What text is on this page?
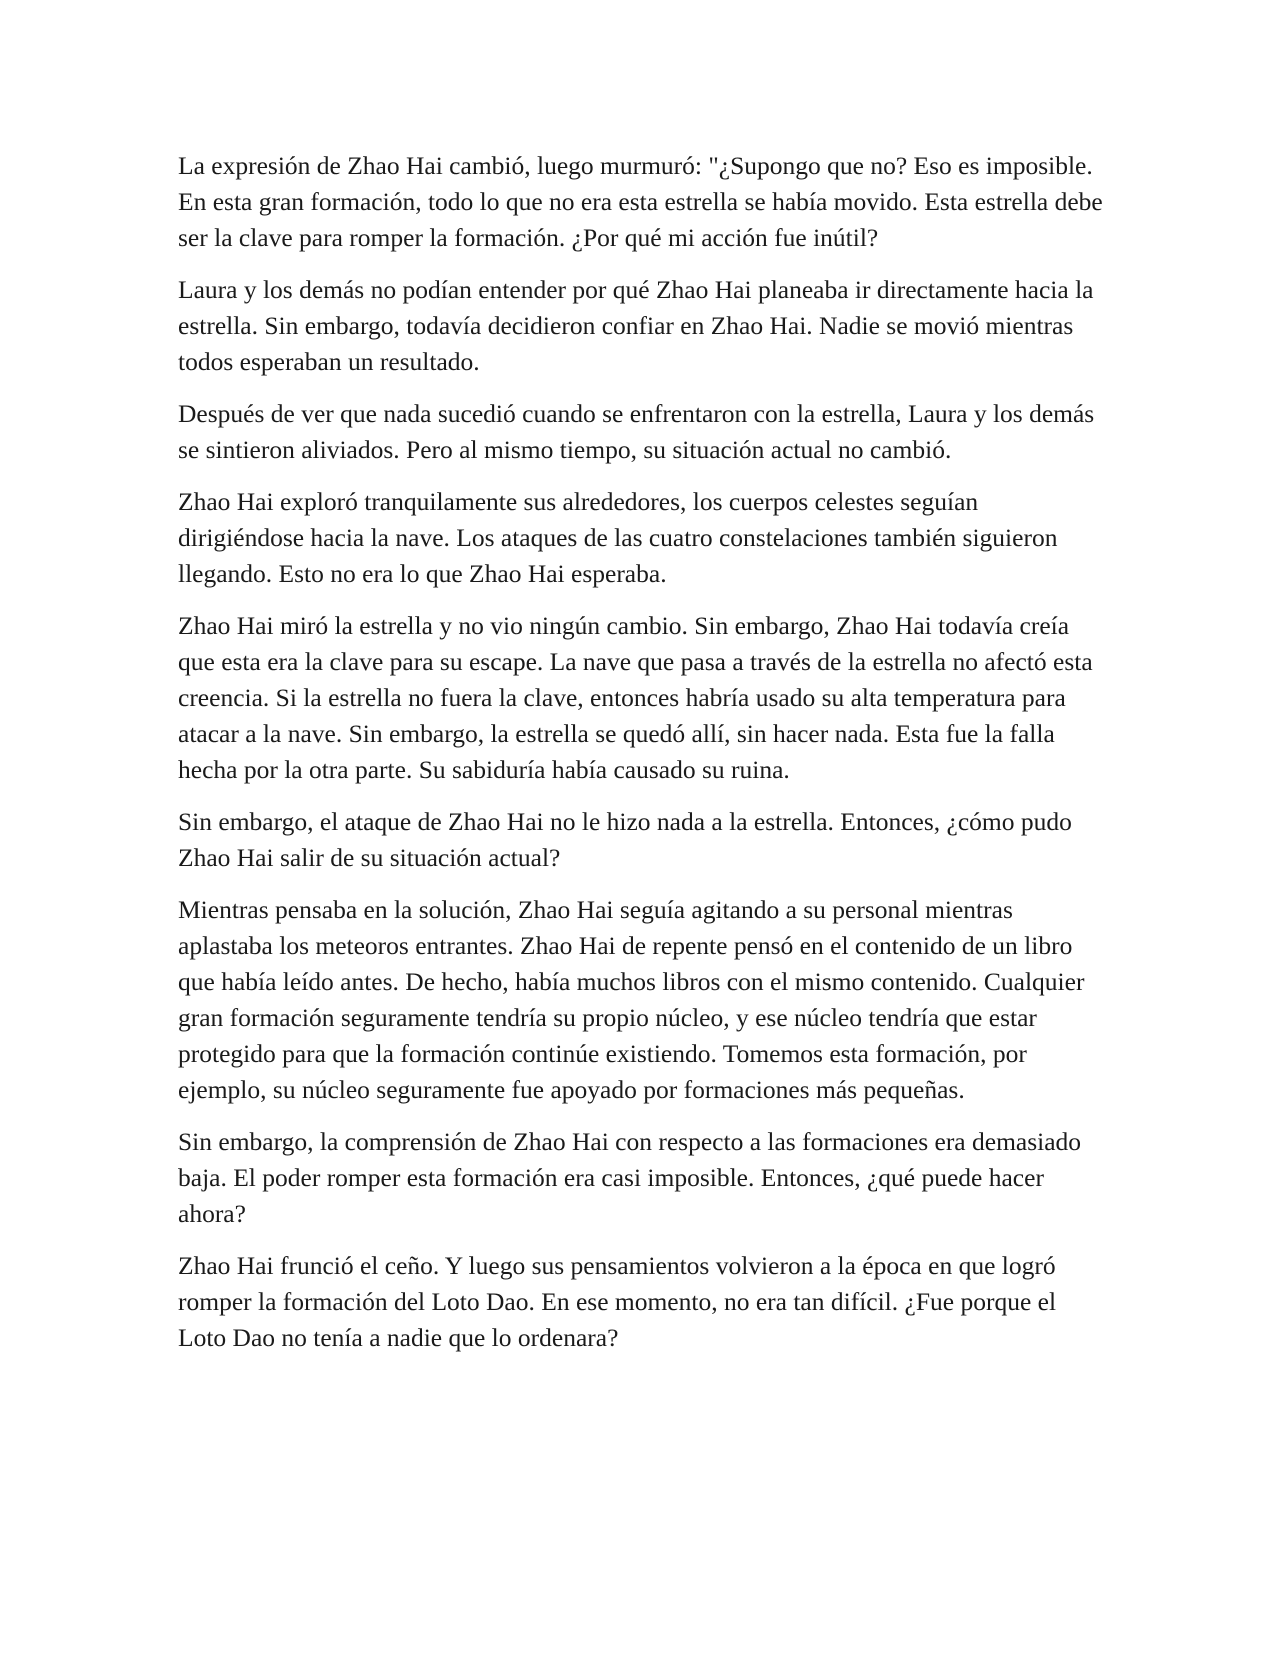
La expresión de Zhao Hai cambió, luego murmuró: "¿Supongo que no? Eso es imposible. En esta gran formación, todo lo que no era esta estrella se había movido. Esta estrella debe ser la clave para romper la formación. ¿Por qué mi acción fue inútil?

Laura y los demás no podían entender por qué Zhao Hai planeaba ir directamente hacia la estrella. Sin embargo, todavía decidieron confiar en Zhao Hai. Nadie se movió mientras todos esperaban un resultado.

Después de ver que nada sucedió cuando se enfrentaron con la estrella, Laura y los demás se sintieron aliviados. Pero al mismo tiempo, su situación actual no cambió.

Zhao Hai exploró tranquilamente sus alrededores, los cuerpos celestes seguían dirigiéndose hacia la nave. Los ataques de las cuatro constelaciones también siguieron llegando. Esto no era lo que Zhao Hai esperaba.

Zhao Hai miró la estrella y no vio ningún cambio. Sin embargo, Zhao Hai todavía creía que esta era la clave para su escape. La nave que pasa a través de la estrella no afectó esta creencia. Si la estrella no fuera la clave, entonces habría usado su alta temperatura para atacar a la nave. Sin embargo, la estrella se quedó allí, sin hacer nada. Esta fue la falla hecha por la otra parte. Su sabiduría había causado su ruina.

Sin embargo, el ataque de Zhao Hai no le hizo nada a la estrella. Entonces, ¿cómo pudo Zhao Hai salir de su situación actual?

Mientras pensaba en la solución, Zhao Hai seguía agitando a su personal mientras aplastaba los meteoros entrantes. Zhao Hai de repente pensó en el contenido de un libro que había leído antes. De hecho, había muchos libros con el mismo contenido. Cualquier gran formación seguramente tendría su propio núcleo, y ese núcleo tendría que estar protegido para que la formación continúe existiendo. Tomemos esta formación, por ejemplo, su núcleo seguramente fue apoyado por formaciones más pequeñas.

Sin embargo, la comprensión de Zhao Hai con respecto a las formaciones era demasiado baja. El poder romper esta formación era casi imposible. Entonces, ¿qué puede hacer ahora?

Zhao Hai frunció el ceño. Y luego sus pensamientos volvieron a la época en que logró romper la formación del Loto Dao. En ese momento, no era tan difícil. ¿Fue porque el Loto Dao no tenía a nadie que lo ordenara?
